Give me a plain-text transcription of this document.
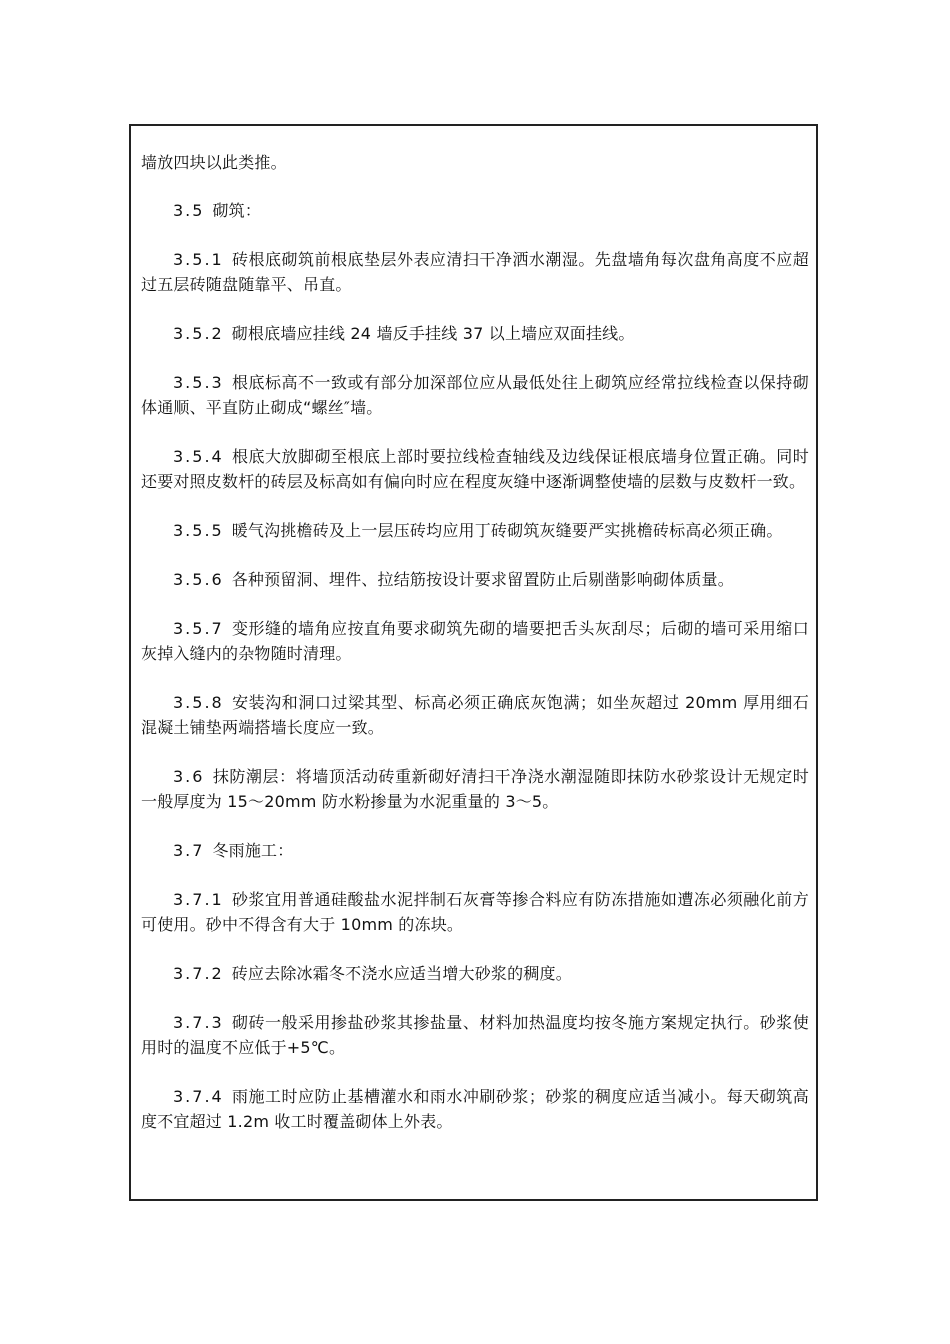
墙放四块以此类推。

3.5 砌筑：

3.5.1 砖根底砌筑前根底垫层外表应清扫干净洒水潮湿。先盘墙角每次盘角高度不应超过五层砖随盘随靠平、吊直。

3.5.2 砌根底墙应挂线 24 墙反手挂线 37 以上墙应双面挂线。

3.5.3 根底标高不一致或有部分加深部位应从最低处往上砌筑应经常拉线检查以保持砌体通顺、平直防止砌成“螺丝″墙。

3.5.4 根底大放脚砌至根底上部时要拉线检查轴线及边线保证根底墙身位置正确。同时还要对照皮数杆的砖层及标高如有偏向时应在程度灰缝中逐渐调整使墙的层数与皮数杆一致。

3.5.5 暖气沟挑檐砖及上一层压砖均应用丁砖砌筑灰缝要严实挑檐砖标高必须正确。

3.5.6 各种预留洞、埋件、拉结筋按设计要求留置防止后剔凿影响砌体质量。

3.5.7 变形缝的墙角应按直角要求砌筑先砌的墙要把舌头灰刮尽；后砌的墙可采用缩口灰掉入缝内的杂物随时清理。

3.5.8 安装沟和洞口过梁其型、标高必须正确底灰饱满；如坐灰超过 20mm 厚用细石混凝土铺垫两端搭墙长度应一致。

3.6 抹防潮层：将墙顶活动砖重新砌好清扫干净浇水潮湿随即抹防水砂浆设计无规定时一般厚度为 15～20mm 防水粉掺量为水泥重量的 3～5。

3.7 冬雨施工：

3.7.1 砂浆宜用普通硅酸盐水泥拌制石灰膏等掺合料应有防冻措施如遭冻必须融化前方可使用。砂中不得含有大于 10mm 的冻块。

3.7.2 砖应去除冰霜冬不浇水应适当增大砂浆的稠度。

3.7.3 砌砖一般采用掺盐砂浆其掺盐量、材料加热温度均按冬施方案规定执行。砂浆使用时的温度不应低于+5℃。

3.7.4 雨施工时应防止基槽灌水和雨水冲刷砂浆；砂浆的稠度应适当减小。每天砌筑高度不宜超过 1.2m 收工时覆盖砌体上外表。
